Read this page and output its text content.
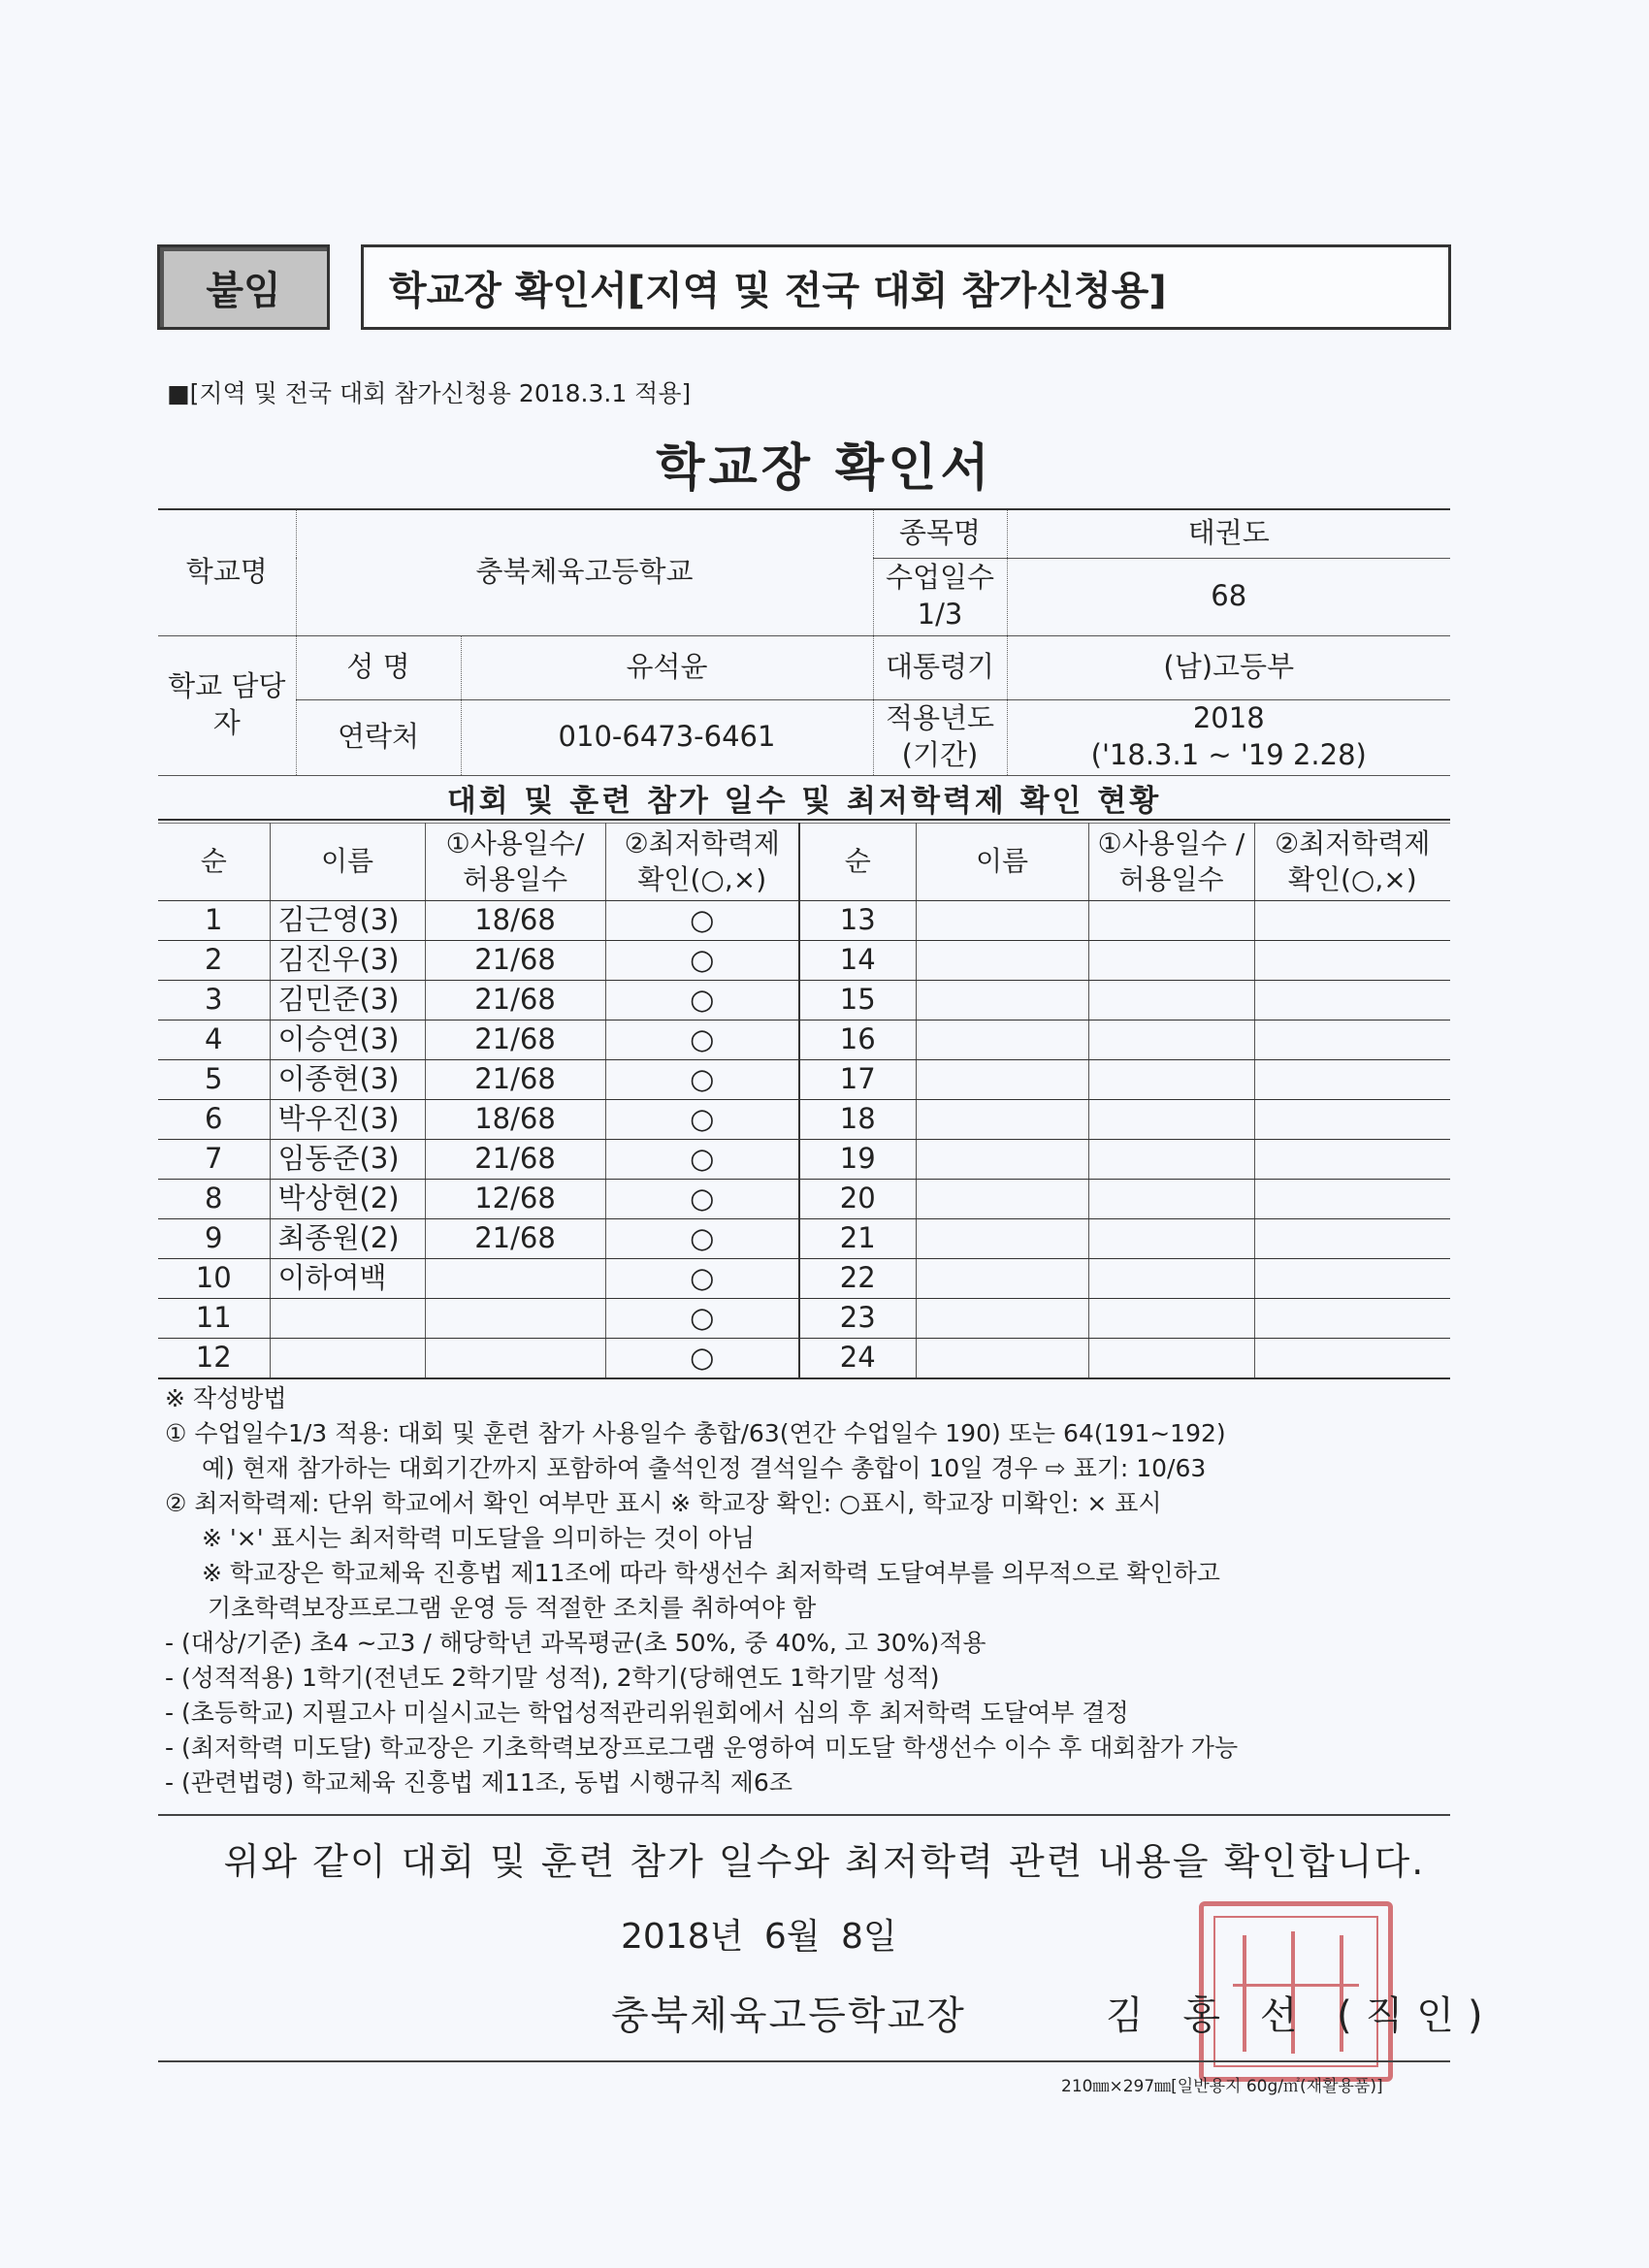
붙임	학교장 확인서[지역 및 전국 대회 참가신청용]
■[지역 및 전국 대회 참가신청용 2018.3.1 적용]
학교장 확인서
학교명	충북체육고등학교		종목명	태권도
			수업일수 1/3	68
학교 담당자	성 명	유석윤	대통령기	(남)고등부
	연락처	010-6473-6461	적용년도 (기간)	2018
('18.3.1 ~ '19 2.28)
대회 및 훈련 참가 일수 및 최저학력제 확인 현황
순	이름	①사용일수/ 허용일수	②최저학력제 확인(○,×)	순	이름	①사용일수 /허용일수	②최저학력제 확인(○,×)
1	김근영(3)	18/68	○	13			
2	김진우(3)	21/68	○	14			
3	김민준(3)	21/68	○	15			
4	이승연(3)	21/68	○	16			
5	이종현(3)	21/68	○	17			
6	박우진(3)	18/68	○	18			
7	임동준(3)	21/68	○	19			
8	박상현(2)	12/68	○	20			
9	최종원(2)	21/68	○	21			
10	이하여백		○	22			
11			○	23			
12			○	24			
※ 작성방법
① 수업일수1/3 적용: 대회 및 훈련 참가 사용일수 총합/63(연간 수업일수 190) 또는 64(191~192)
예) 현재 참가하는 대회기간까지 포함하여 출석인정 결석일수 총합이 10일 경우 ⇨ 표기: 10/63
② 최저학력제: 단위 학교에서 확인 여부만 표시 ※ 학교장 확인: ○표시, 학교장 미확인: × 표시
※ '×' 표시는 최저학력 미도달을 의미하는 것이 아님
※ 학교장은 학교체육 진흥법 제11조에 따라 학생선수 최저학력 도달여부를 의무적으로 확인하고
기초학력보장프로그램 운영 등 적절한 조치를 취하여야 함
- (대상/기준) 초4 ~고3 / 해당학년 과목평균(초 50%, 중 40%, 고 30%)적용
- (성적적용) 1학기(전년도 2학기말 성적), 2학기(당해연도 1학기말 성적)
- (초등학교) 지필고사 미실시교는 학업성적관리위원회에서 심의 후 최저학력 도달여부 결정
- (최저학력 미도달) 학교장은 기초학력보장프로그램 운영하여 미도달 학생선수 이수 후 대회참가 가능
- (관련법령) 학교체육 진흥법 제11조, 동법 시행규칙 제6조
위와 같이 대회 및 훈련 참가 일수와 최저학력 관련 내용을 확인합니다.
2018년 6월 8일
충북체육고등학교장	김 홍 선 (직인)
210㎜×297㎜[일반용지 60g/㎡(재활용품)]
